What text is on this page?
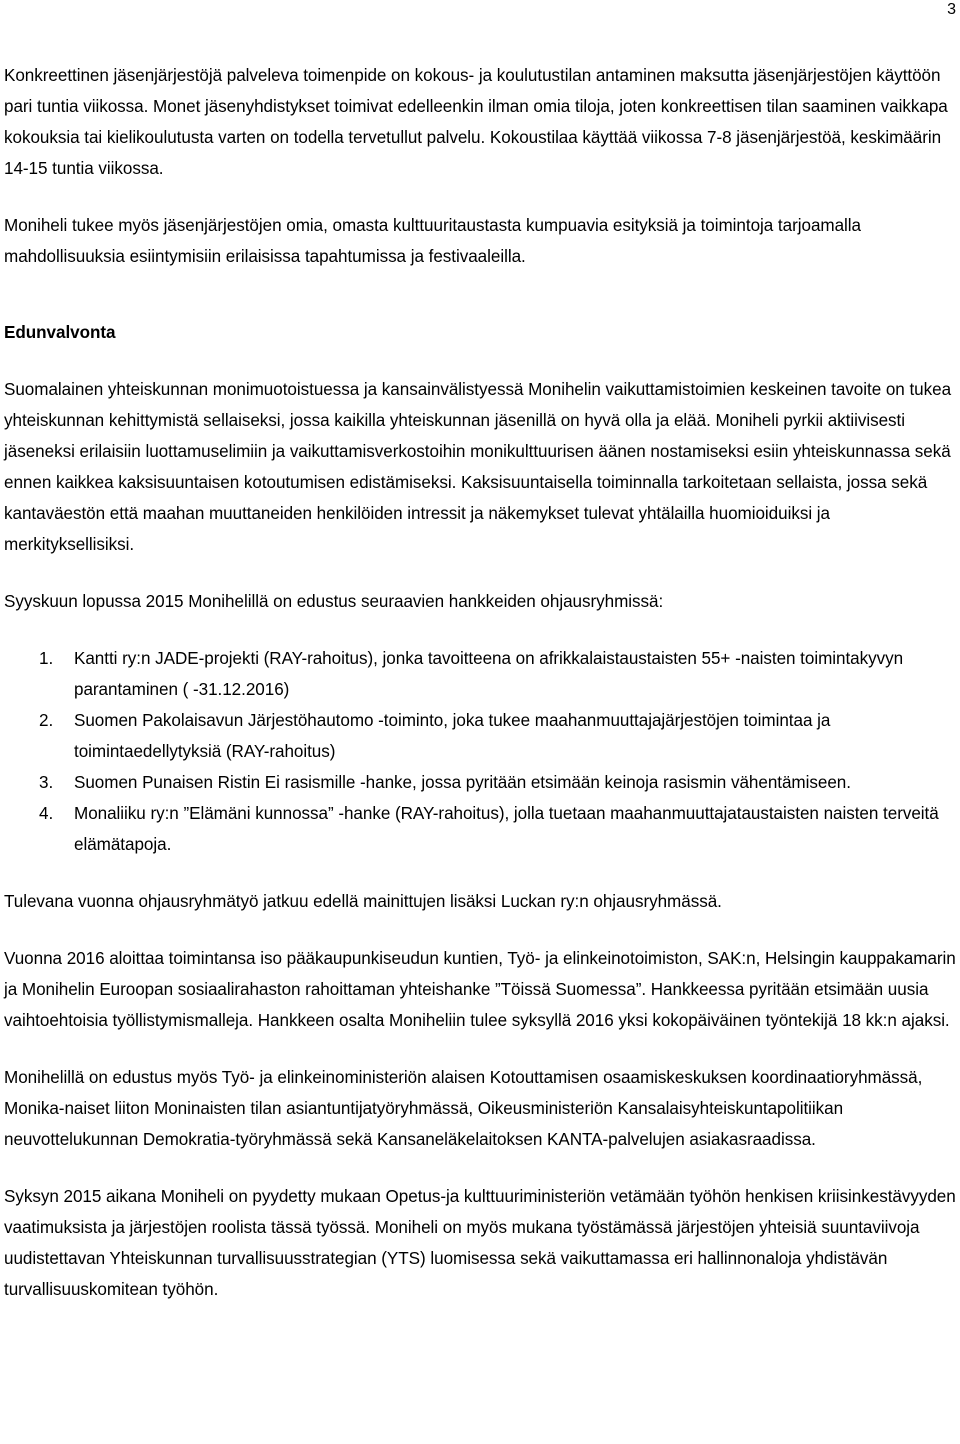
3

Konkreettinen jäsenjärjestöjä palveleva toimenpide on kokous- ja koulutustilan antaminen maksutta jäsenjärjestöjen käyttöön pari tuntia viikossa. Monet jäsenyhdistykset toimivat edelleenkin ilman omia tiloja, joten konkreettisen tilan saaminen vaikkapa kokouksia tai kielikoulutusta varten on todella tervetullut palvelu. Kokoustilaa käyttää viikossa 7-8 jäsenjärjestöä, keskimäärin 14-15 tuntia viikossa.

Moniheli tukee myös jäsenjärjestöjen omia, omasta kulttuuritaustasta kumpuavia esityksiä ja toimintoja tarjoamalla mahdollisuuksia esiintymisiin erilaisissa tapahtumissa ja festivaaleilla.

Edunvalvonta

Suomalainen yhteiskunnan monimuotoistuessa ja kansainvälistyessä Monihelin vaikuttamistoimien keskeinen tavoite on tukea yhteiskunnan kehittymistä sellaiseksi, jossa kaikilla yhteiskunnan jäsenillä on hyvä olla ja elää. Moniheli pyrkii aktiivisesti jäseneksi erilaisiin luottamuselimiin ja vaikuttamisverkostoihin monikulttuurisen äänen nostamiseksi esiin yhteiskunnassa sekä ennen kaikkea kaksisuuntaisen kotoutumisen edistämiseksi. Kaksisuuntaisella toiminnalla tarkoitetaan sellaista, jossa sekä kantaväestön että maahan muuttaneiden henkilöiden intressit ja näkemykset tulevat yhtälailla huomioiduiksi ja merkityksellisiksi.

Syyskuun lopussa 2015 Monihelillä on edustus seuraavien hankkeiden ohjausryhmissä:

1. Kantti ry:n JADE-projekti (RAY-rahoitus), jonka tavoitteena on afrikkalaistaustaisten 55+ -naisten toimintakyvyn parantaminen ( -31.12.2016)
2. Suomen Pakolaisavun Järjestöhautomo -toiminto, joka tukee maahanmuuttajajärjestöjen toimintaa ja toimintaedellytyksiä (RAY-rahoitus)
3. Suomen Punaisen Ristin Ei rasismille -hanke, jossa pyritään etsimään keinoja rasismin vähentämiseen.
4. Monaliiku ry:n ”Elämäni kunnossa” -hanke (RAY-rahoitus), jolla tuetaan maahanmuuttajataustaisten naisten terveitä elämätapoja.

Tulevana vuonna ohjausryhmätyö jatkuu edellä mainittujen lisäksi Luckan ry:n ohjausryhmässä.

Vuonna 2016 aloittaa toimintansa iso pääkaupunkiseudun kuntien, Työ- ja elinkeinotoimiston, SAK:n, Helsingin kauppakamarin ja Monihelin Euroopan sosiaalirahaston rahoittaman yhteishanke ”Töissä Suomessa”. Hankkeessa pyritään etsimään uusia vaihtoehtoisia työllistymismalleja. Hankkeen osalta Moniheliin tulee syksyllä 2016 yksi kokopäiväinen työntekijä 18 kk:n ajaksi.

Monihelillä on edustus myös Työ- ja elinkeinoministeriön alaisen Kotouttamisen osaamiskeskuksen koordinaatioryhmässä, Monika-naiset liiton Moninaisten tilan asiantuntijatyöryhmässä, Oikeusministeriön Kansalaisyhteiskuntapolitiikan neuvottelukunnan Demokratia-työryhmässä sekä Kansaneläkelaitoksen KANTA-palvelujen asiakasraadissa.

Syksyn 2015 aikana Moniheli on pyydetty mukaan Opetus-ja kulttuuriministeriön vetämään työhön henkisen kriisinkestävyyden vaatimuksista ja järjestöjen roolista tässä työssä. Moniheli on myös mukana työstämässä järjestöjen yhteisiä suuntaviivoja uudistettavan Yhteiskunnan turvallisuusstrategian (YTS) luomisessa sekä vaikuttamassa eri hallinnonaloja yhdistävän turvallisuuskomitean työhön.
